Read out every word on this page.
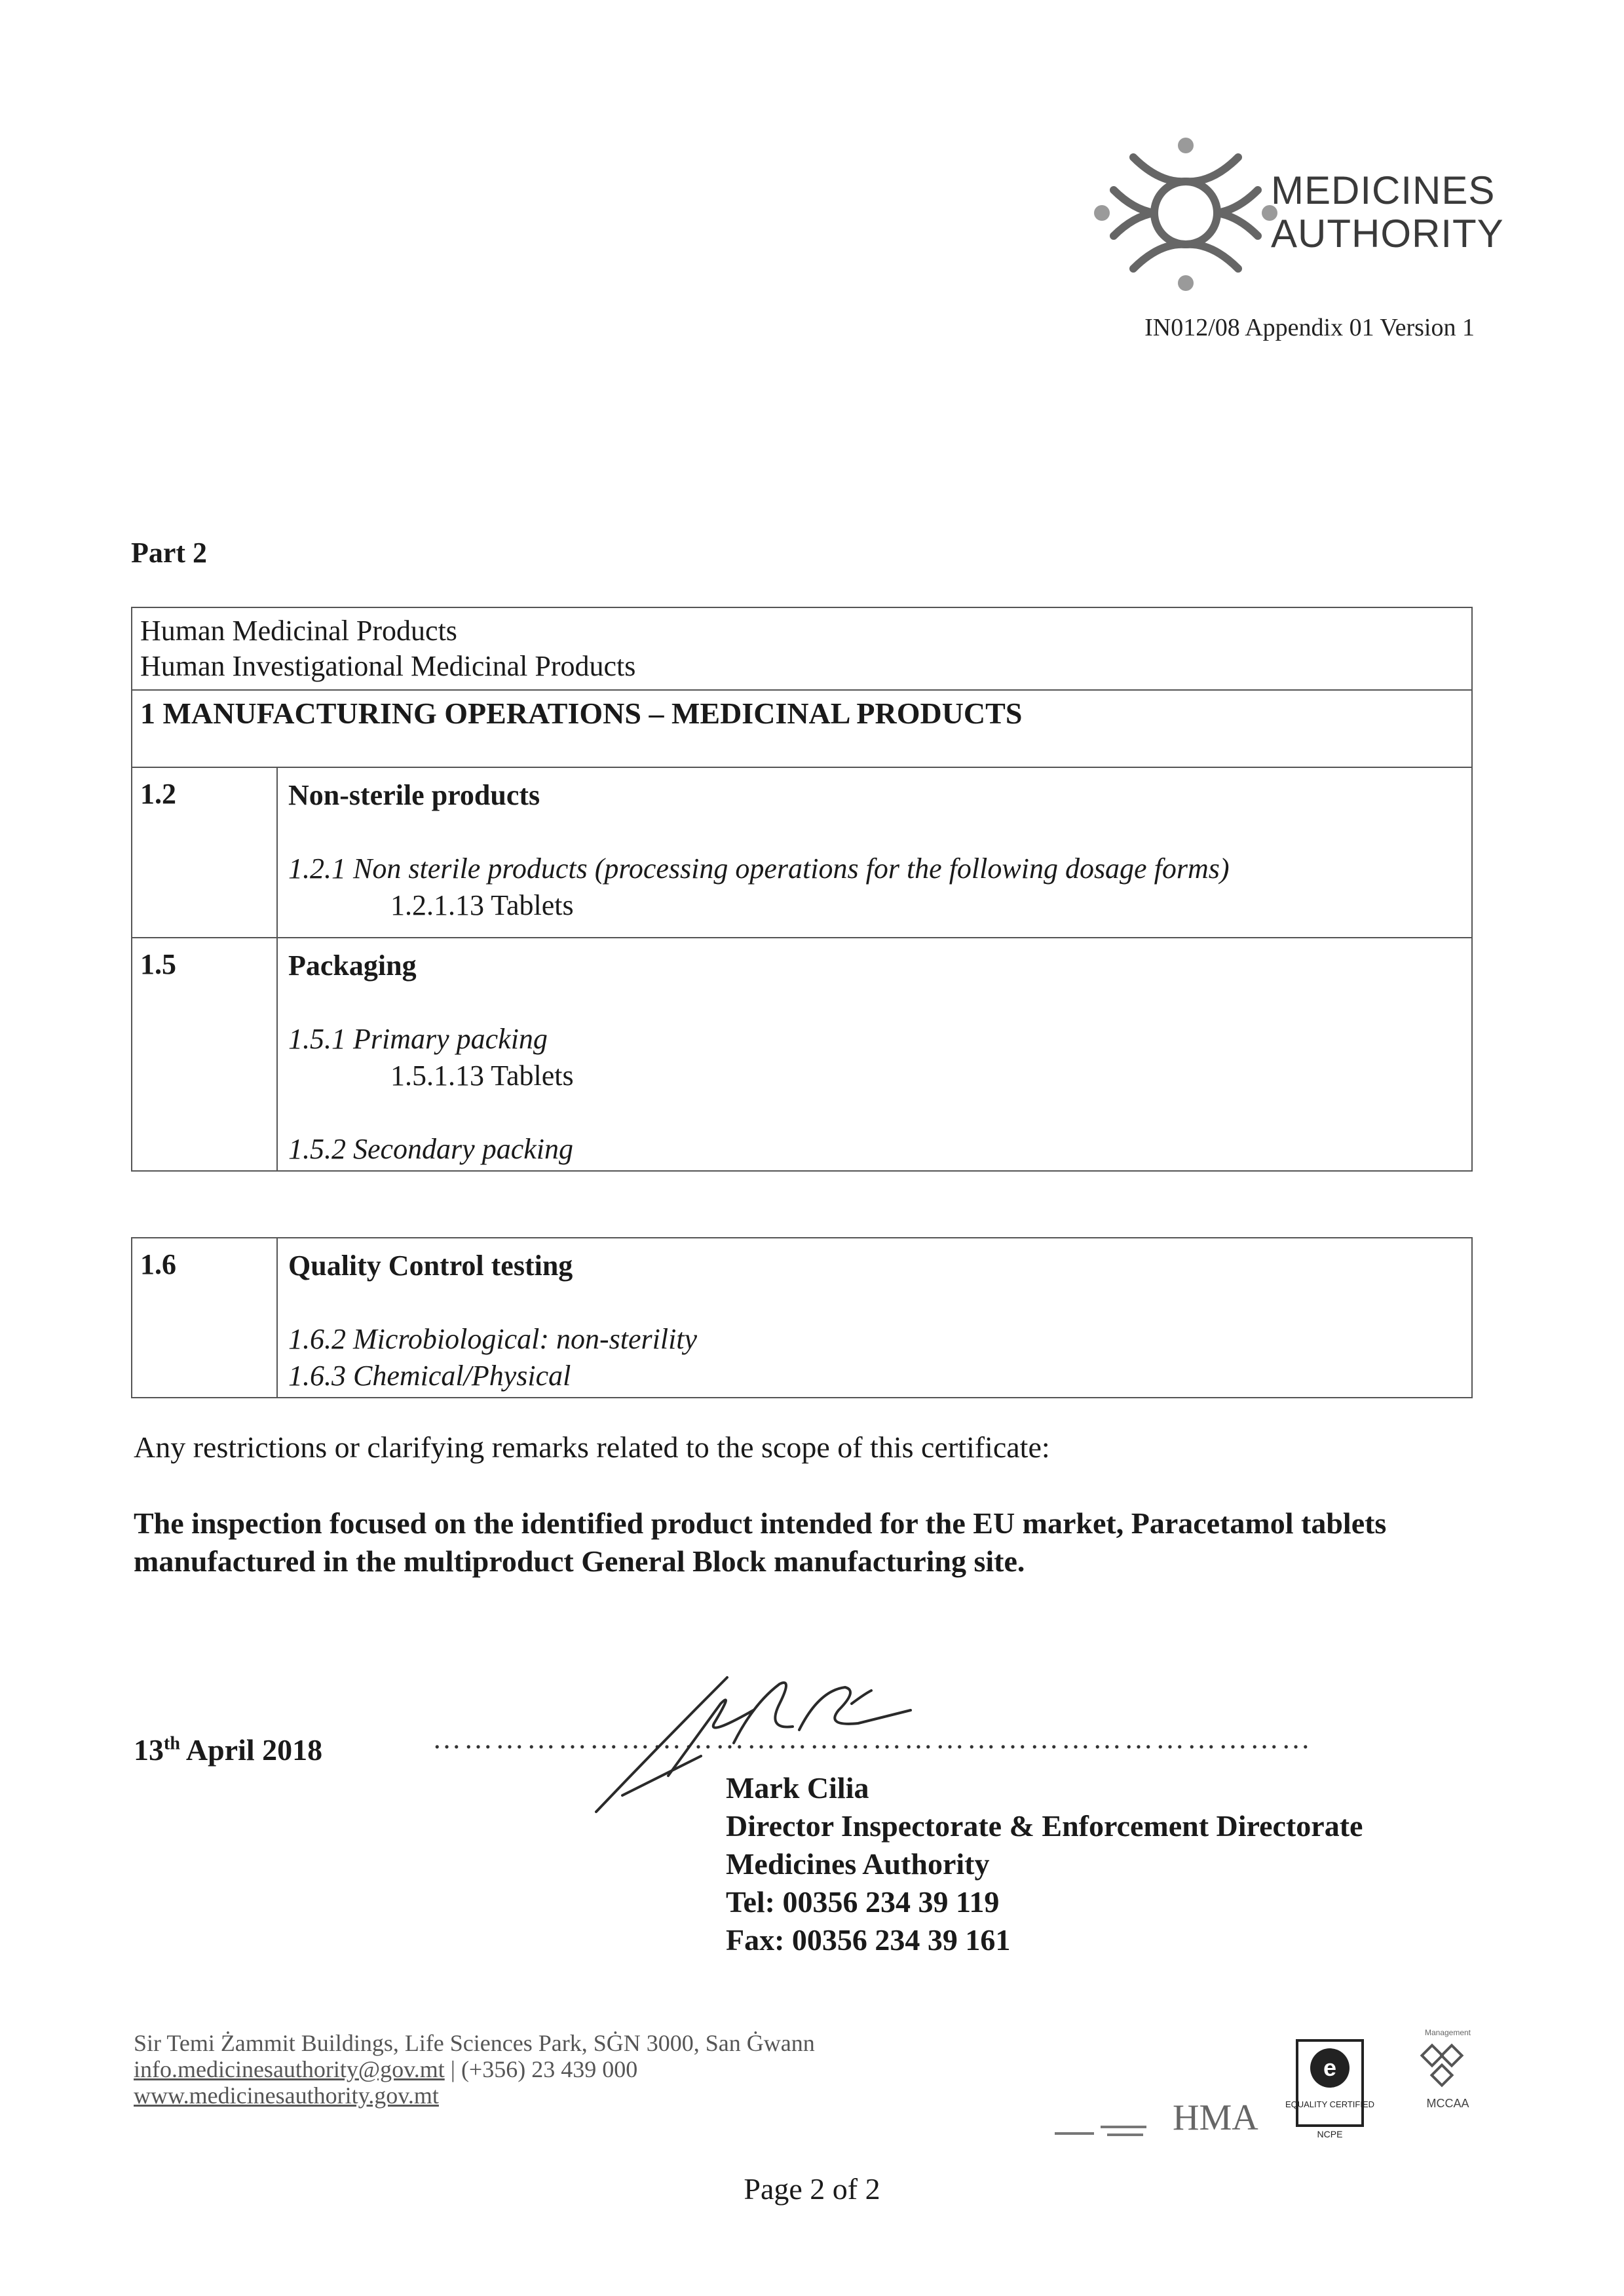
MEDICINES
AUTHORITY
IN012/08 Appendix 01 Version 1
Part 2
Human Medicinal Products
Human Investigational Medicinal Products	

1 MANUFACTURING OPERATIONS – MEDICINAL PRODUCTS	

1.2	Non-sterile products
1.2.1 Non sterile products (processing operations for the following dosage forms)
1.2.1.13 Tablets

1.5	Packaging
1.5.1 Primary packing
1.5.1.13 Tablets
1.5.2 Secondary packing
1.6	Quality Control testing
1.6.2 Microbiological: non-sterility
1.6.3 Chemical/Physical
Any restrictions or clarifying remarks related to the scope of this certificate:
The inspection focused on the identified product intended for the EU market, Paracetamol tablets manufactured in the multiproduct General Block manufacturing site.
13th April 2018	…………………………………………………………………………
Mark Cilia
Director Inspectorate & Enforcement Directorate
Medicines Authority
Tel: 00356 234 39 119
Fax: 00356 234 39 161
Sir Temi Żammit Buildings, Life Sciences Park, SĠN 3000, San Ġwann
info.medicinesauthority@gov.mt | (+356) 23 439 000
www.medicinesauthority.gov.mt
HMA
e
EQUALITY CERTIFIED
NCPE
Management
MCCAA
Page 2 of 2
